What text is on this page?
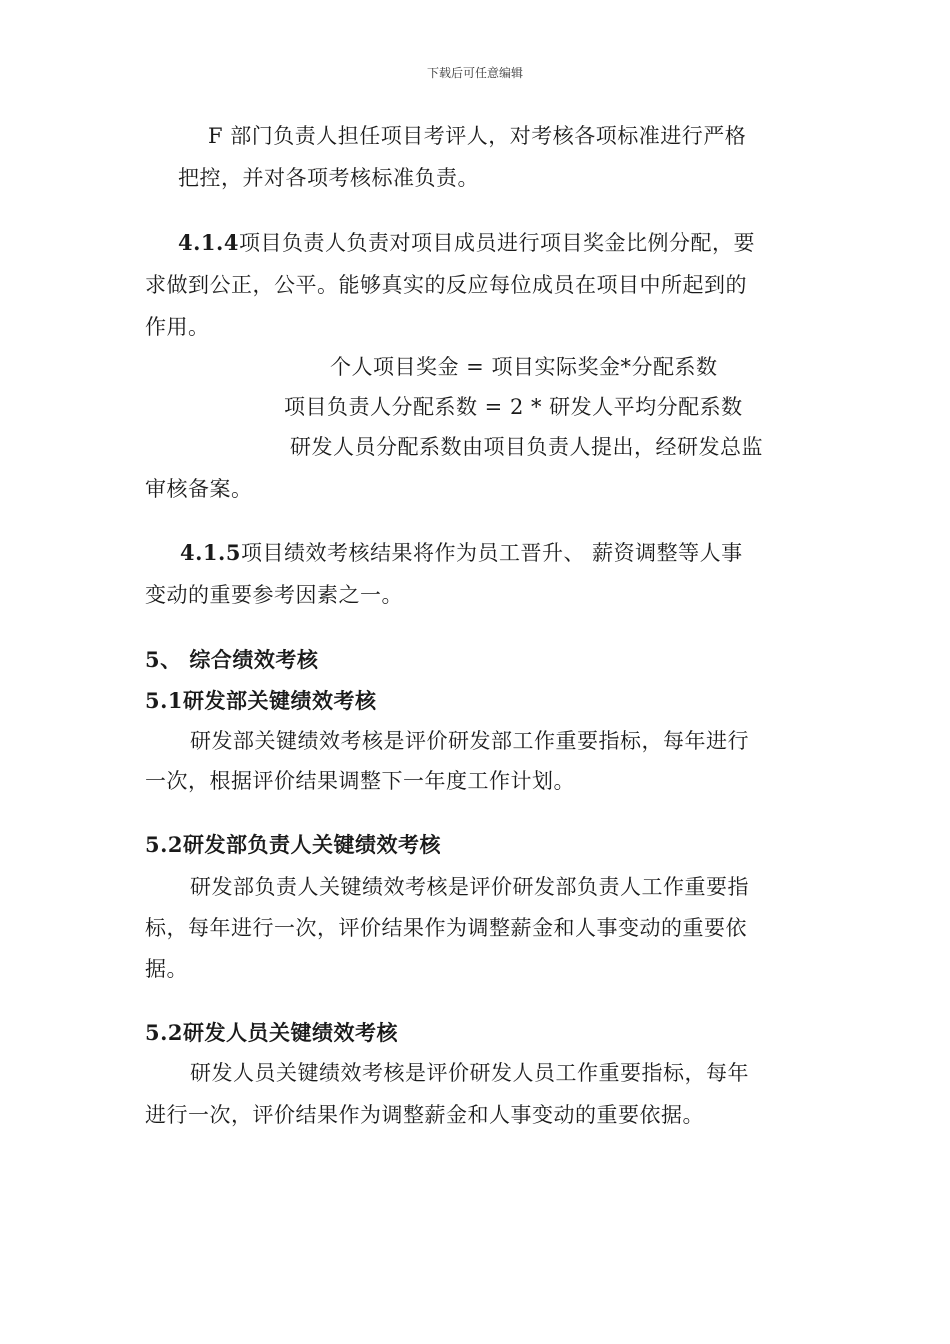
下载后可任意编辑
F 部门负责人担任项目考评人，对考核各项标准进行严格
把控，并对各项考核标准负责。
4.1.4项目负责人负责对项目成员进行项目奖金比例分配，要
求做到公正，公平。能够真实的反应每位成员在项目中所起到的
作用。
个人项目奖金 = 项目实际奖金*分配系数
项目负责人分配系数 = 2 * 研发人平均分配系数
研发人员分配系数由项目负责人提出，经研发总监
审核备案。
4.1.5项目绩效考核结果将作为员工晋升、 薪资调整等人事
变动的重要参考因素之一。
5、 综合绩效考核
5.1研发部关键绩效考核
研发部关键绩效考核是评价研发部工作重要指标，每年进行
一次，根据评价结果调整下一年度工作计划。
5.2研发部负责人关键绩效考核
研发部负责人关键绩效考核是评价研发部负责人工作重要指
标，每年进行一次，评价结果作为调整薪金和人事变动的重要依
据。
5.2研发人员关键绩效考核
研发人员关键绩效考核是评价研发人员工作重要指标，每年
进行一次，评价结果作为调整薪金和人事变动的重要依据。
